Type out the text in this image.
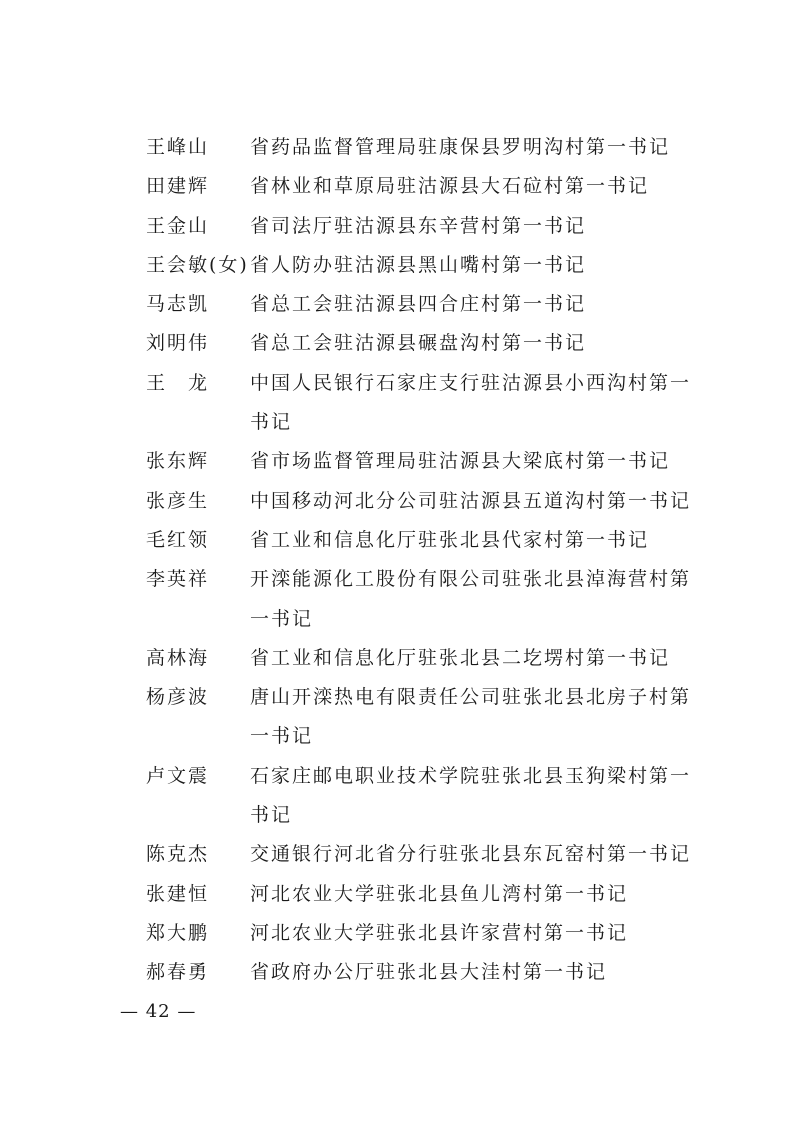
王峰山	省药品监督管理局驻康保县罗明沟村第一书记
田建辉	省林业和草原局驻沽源县大石砬村第一书记
王金山	省司法厅驻沽源县东辛营村第一书记
王会敏(女) 省人防办驻沽源县黑山嘴村第一书记
马志凯	省总工会驻沽源县四合庄村第一书记
刘明伟	省总工会驻沽源县碾盘沟村第一书记
王　龙	中国人民银行石家庄支行驻沽源县小西沟村第一
书记
张东辉	省市场监督管理局驻沽源县大梁底村第一书记
张彦生	中国移动河北分公司驻沽源县五道沟村第一书记
毛红领	省工业和信息化厅驻张北县代家村第一书记
李英祥	开滦能源化工股份有限公司驻张北县淖海营村第
一书记
高林海	省工业和信息化厅驻张北县二圪塄村第一书记
杨彦波	唐山开滦热电有限责任公司驻张北县北房子村第
一书记
卢文震	石家庄邮电职业技术学院驻张北县玉狗梁村第一
书记
陈克杰	交通银行河北省分行驻张北县东瓦窑村第一书记
张建恒	河北农业大学驻张北县鱼儿湾村第一书记
郑大鹏	河北农业大学驻张北县许家营村第一书记
郝春勇	省政府办公厅驻张北县大洼村第一书记
— 42 —
